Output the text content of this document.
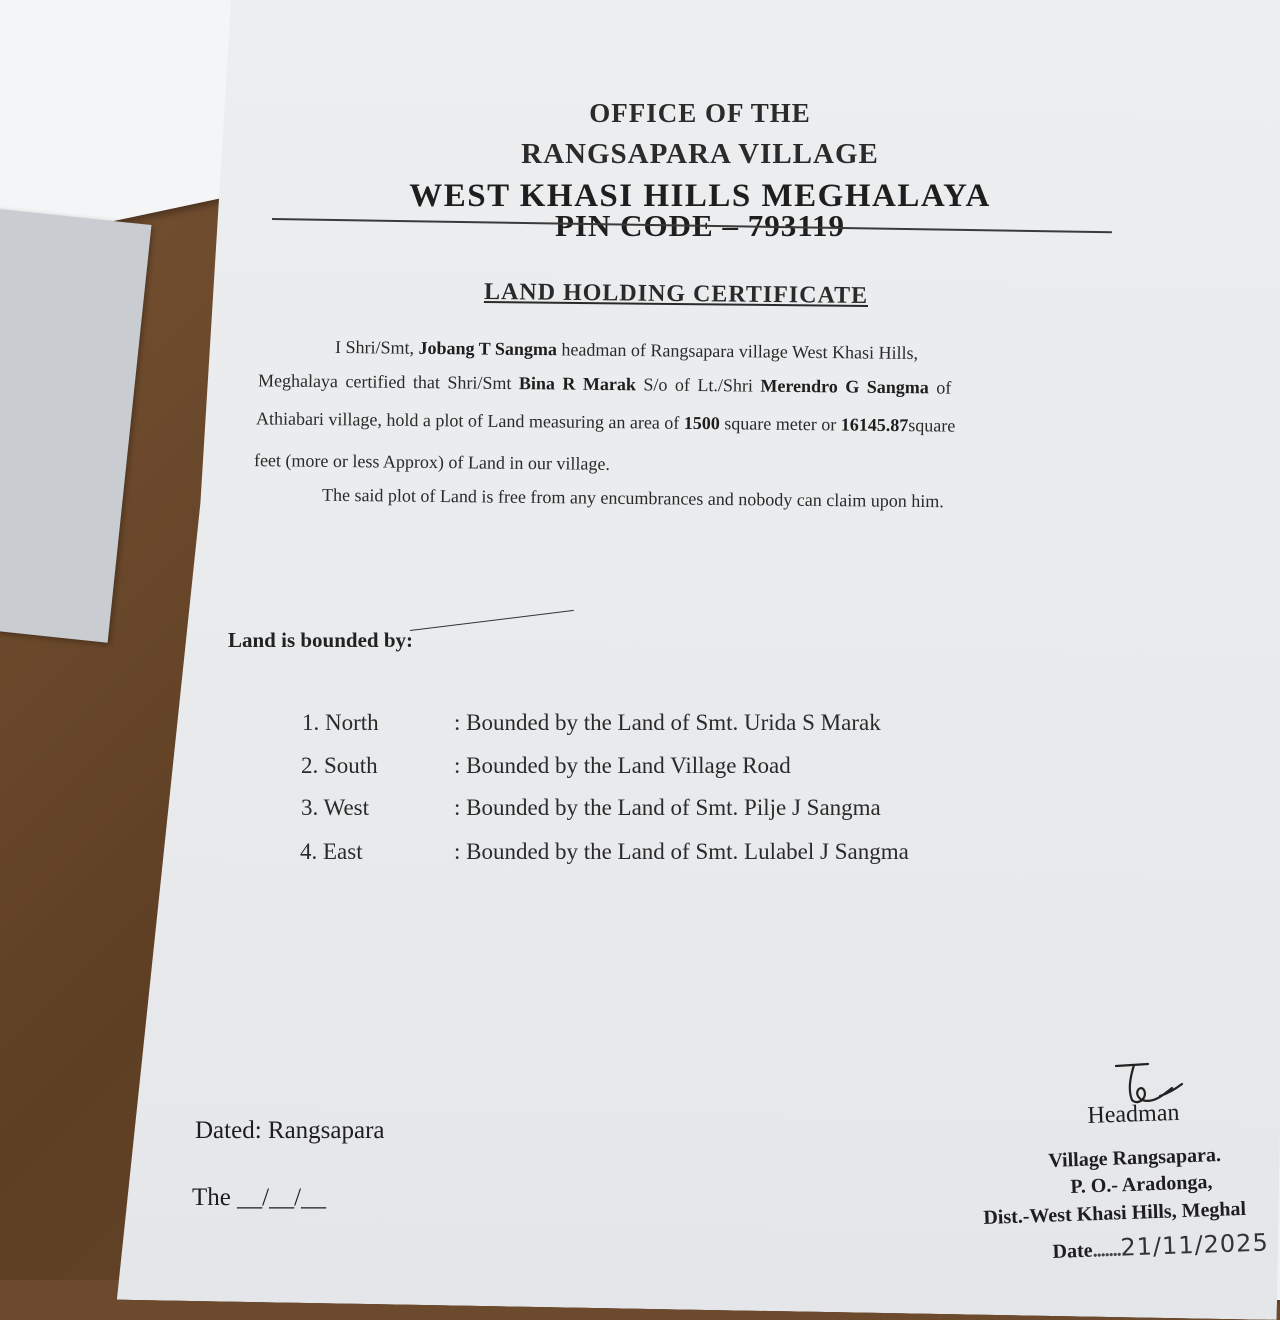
OFFICE OF THE
RANGSAPARA VILLAGE
WEST KHASI HILLS MEGHALAYA
PIN CODE – 793119
LAND HOLDING CERTIFICATE
I Shri/Smt, Jobang T Sangma headman of Rangsapara village West Khasi Hills,
Meghalaya certified that Shri/Smt Bina R Marak S/o of Lt./Shri Merendro G Sangma of
Athiabari village, hold a plot of Land measuring an area of 1500 square meter or 16145.87square
feet (more or less Approx) of Land in our village.
The said plot of Land is free from any encumbrances and nobody can claim upon him.
Land is bounded by:
1. North	: Bounded by the Land of Smt. Urida S Marak
2. South	: Bounded by the Land Village Road
3. West	: Bounded by the Land of Smt. Pilje J Sangma
4. East	: Bounded by the Land of Smt. Lulabel J Sangma
Dated: Rangsapara
The __/__/__
Headman
Village Rangsapara.
P. O.- Aradonga,
Dist.-West Khasi Hills, Meghal
Date.......21/11/2025
